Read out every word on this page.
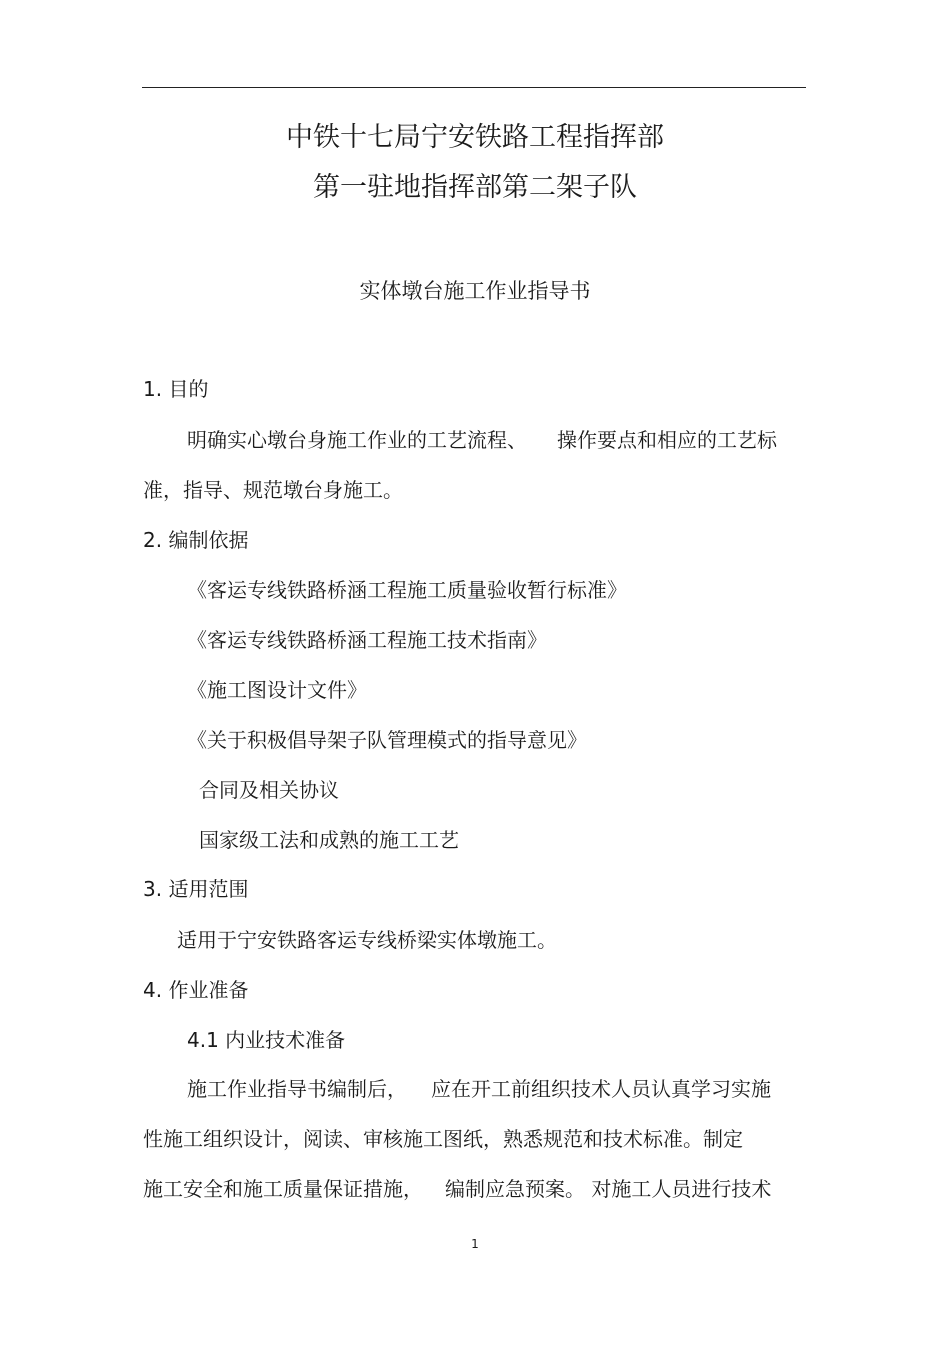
中铁十七局宁安铁路工程指挥部
第一驻地指挥部第二架子队
实体墩台施工作业指导书
1. 目的
明确实心墩台身施工作业的工艺流程、 操作要点和相应的工艺标
准，指导、规范墩台身施工。
2. 编制依据
《客运专线铁路桥涵工程施工质量验收暂行标准》
《客运专线铁路桥涵工程施工技术指南》
《施工图设计文件》
《关于积极倡导架子队管理模式的指导意见》
合同及相关协议
国家级工法和成熟的施工工艺
3. 适用范围
适用于宁安铁路客运专线桥梁实体墩施工。
4. 作业准备
4.1 内业技术准备
施工作业指导书编制后， 应在开工前组织技术人员认真学习实施
性施工组织设计，阅读、审核施工图纸，熟悉规范和技术标准。制定
施工安全和施工质量保证措施， 编制应急预案。 对施工人员进行技术
1
